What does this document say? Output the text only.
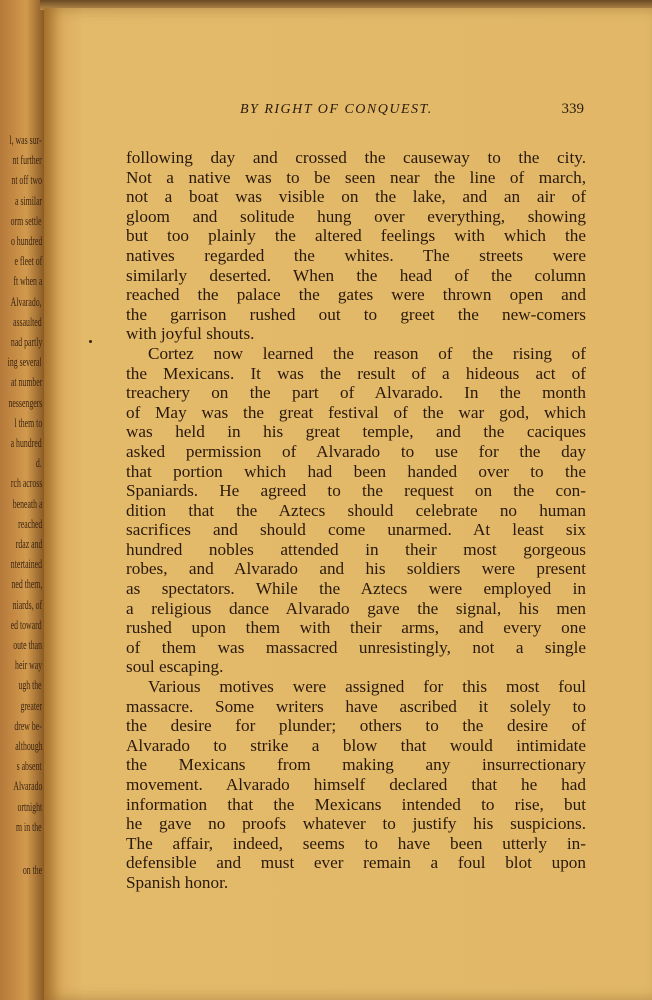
l, was sur-
nt further
nt off two
a similar
orm settle
o hundred
e fleet of
ft when a
Alvarado,
assaulted
nad partly
ing several
at number
nessengers
l them to
a hundred
d.
rch across
beneath a
reached
rdaz and
ntertained
ned them,
niards, of
ed toward
oute than
heir way
ugh the
greater
drew be-
although
s absent
Alvarado
ortnight
m in the
on the
BY RIGHT OF CONQUEST.	339
following day and crossed the causeway to the city.
Not a native was to be seen near the line of march,
not a boat was visible on the lake, and an air of
gloom and solitude hung over everything, showing
but too plainly the altered feelings with which the
natives regarded the whites. The streets were
similarly deserted. When the head of the column
reached the palace the gates were thrown open and
the garrison rushed out to greet the new-comers
with joyful shouts.
Cortez now learned the reason of the rising of
the Mexicans. It was the result of a hideous act of
treachery on the part of Alvarado. In the month
of May was the great festival of the war god, which
was held in his great temple, and the caciques
asked permission of Alvarado to use for the day
that portion which had been handed over to the
Spaniards. He agreed to the request on the con-
dition that the Aztecs should celebrate no human
sacrifices and should come unarmed. At least six
hundred nobles attended in their most gorgeous
robes, and Alvarado and his soldiers were present
as spectators. While the Aztecs were employed in
a religious dance Alvarado gave the signal, his men
rushed upon them with their arms, and every one
of them was massacred unresistingly, not a single
soul escaping.
Various motives were assigned for this most foul
massacre. Some writers have ascribed it solely to
the desire for plunder; others to the desire of
Alvarado to strike a blow that would intimidate
the Mexicans from making any insurrectionary
movement. Alvarado himself declared that he had
information that the Mexicans intended to rise, but
he gave no proofs whatever to justify his suspicions.
The affair, indeed, seems to have been utterly in-
defensible and must ever remain a foul blot upon
Spanish honor.
